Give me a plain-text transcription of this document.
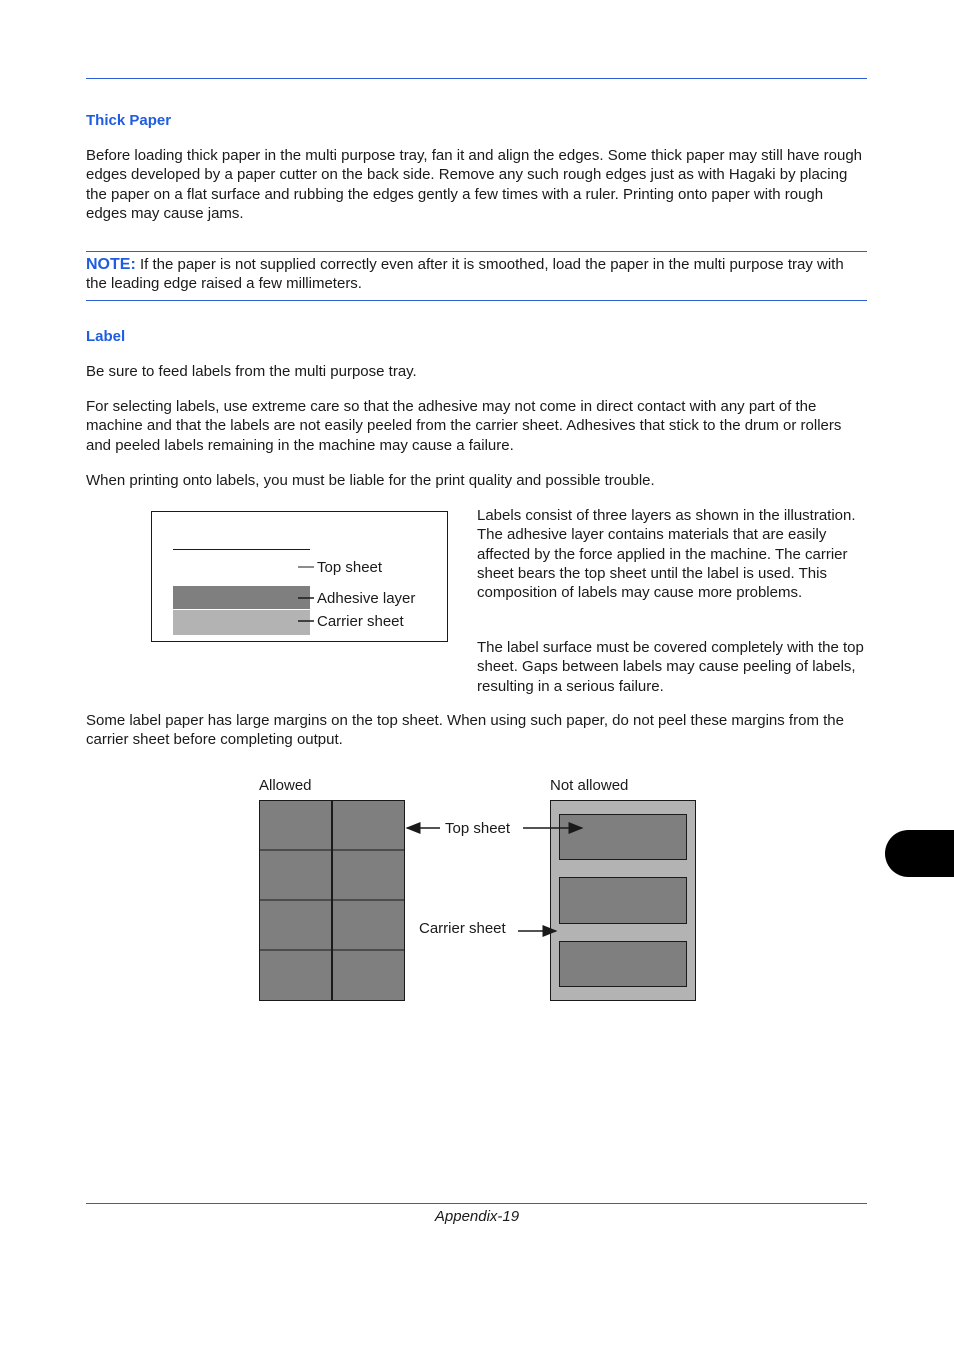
Thick Paper

Before loading thick paper in the multi purpose tray, fan it and align the edges. Some thick paper may still have rough edges developed by a paper cutter on the back side. Remove any such rough edges just as with Hagaki by placing the paper on a flat surface and rubbing the edges gently a few times with a ruler. Printing onto paper with rough edges may cause jams.

NOTE: If the paper is not supplied correctly even after it is smoothed, load the paper in the multi purpose tray with the leading edge raised a few millimeters.

Label

Be sure to feed labels from the multi purpose tray.

For selecting labels, use extreme care so that the adhesive may not come in direct contact with any part of the machine and that the labels are not easily peeled from the carrier sheet. Adhesives that stick to the drum or rollers and peeled labels remaining in the machine may cause a failure.

When printing onto labels, you must be liable for the print quality and possible trouble.

Top sheet
Adhesive layer
Carrier sheet

Labels consist of three layers as shown in the illustration. The adhesive layer contains materials that are easily affected by the force applied in the machine. The carrier sheet bears the top sheet until the label is used. This composition of labels may cause more problems.

The label surface must be covered completely with the top sheet. Gaps between labels may cause peeling of labels, resulting in a serious failure.

Some label paper has large margins on the top sheet. When using such paper, do not peel these margins from the carrier sheet before completing output.

Allowed	Not allowed
Top sheet
Carrier sheet
Appendix-19
